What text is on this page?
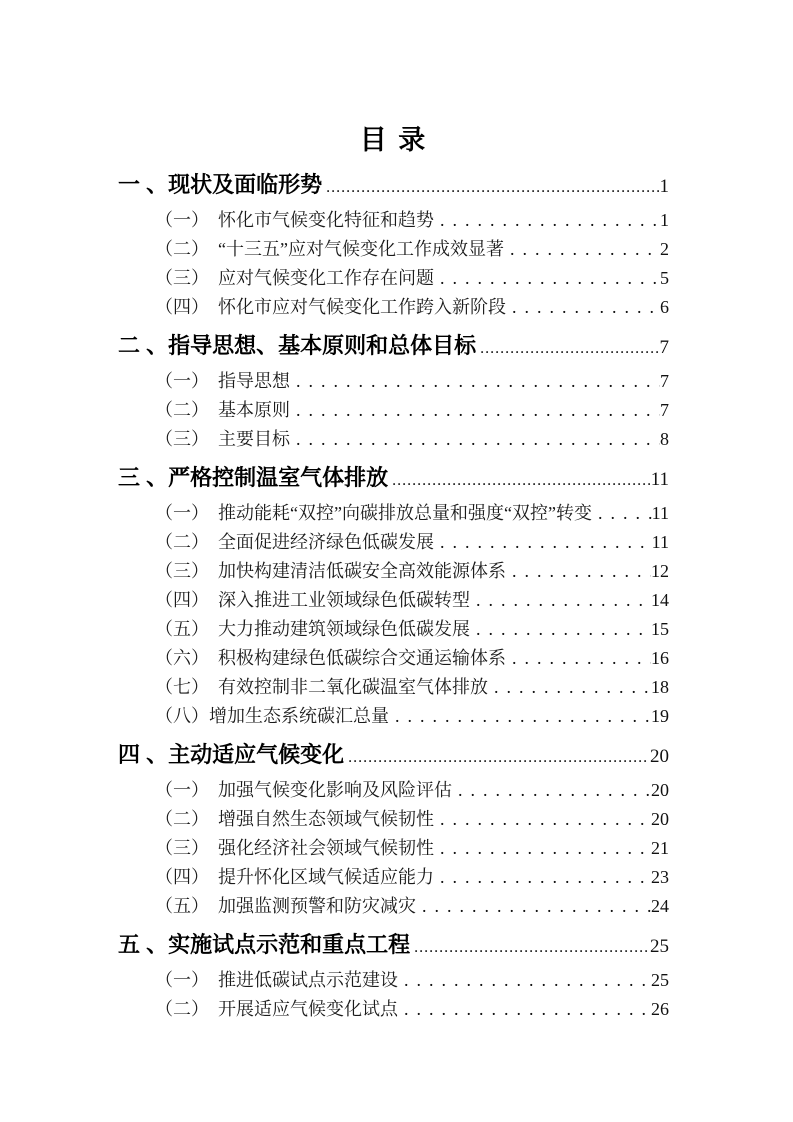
目 录
一 、现状及面临形势 .....	1
（一）　怀化市气候变化特征和趋势 .....	1
（二）　“十三五”应对气候变化工作成效显著 .....	2
（三）　应对气候变化工作存在问题 .....	5
（四）　怀化市应对气候变化工作跨入新阶段 .....	6
二 、指导思想、基本原则和总体目标 .....	7
（一）　指导思想 .....	7
（二）　基本原则 .....	7
（三）　主要目标 .....	8
三 、严格控制温室气体排放 .....	11
（一）　推动能耗“双控”向碳排放总量和强度“双控”转变 .....	11
（二）　全面促进经济绿色低碳发展 .....	11
（三）　加快构建清洁低碳安全高效能源体系 .....	12
（四）　深入推进工业领域绿色低碳转型 .....	14
（五）　大力推动建筑领域绿色低碳发展 .....	15
（六）　积极构建绿色低碳综合交通运输体系 .....	16
（七）　有效控制非二氧化碳温室气体排放 .....	18
（八）增加生态系统碳汇总量 .....	19
四 、主动适应气候变化 .....	20
（一）　加强气候变化影响及风险评估 .....	20
（二）　增强自然生态领域气候韧性 .....	20
（三）　强化经济社会领域气候韧性 .....	21
（四）　提升怀化区域气候适应能力 .....	23
（五）　加强监测预警和防灾减灾 .....	24
五 、实施试点示范和重点工程 .....	25
（一）　推进低碳试点示范建设 .....	25
（二）　开展适应气候变化试点 .....	26
